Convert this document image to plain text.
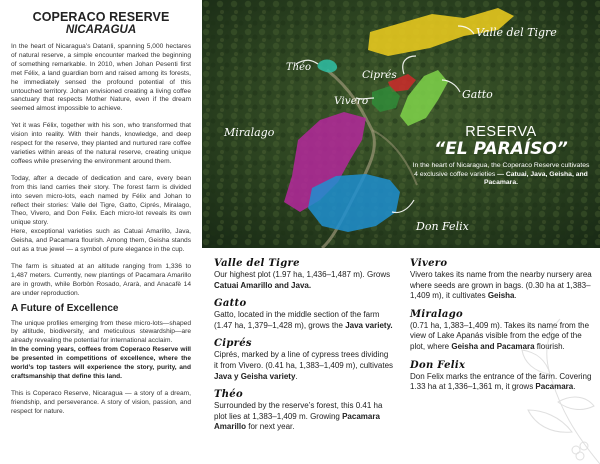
COPERACO RESERVE
NICARAGUA

In the heart of Nicaragua’s Datanli, spanning 5,000 hectares of natural reserve, a simple encounter marked the beginning of something remarkable. In 2010, when Johan Pesenti first met Félix, a land guardian born and raised among its forests, he immediately sensed the profound potential of this untouched territory. Johan envisioned creating a living coffee sanctuary that respects Mother Nature, even if the dream seemed almost impossible to achieve.

Yet it was Félix, together with his son, who transformed that vision into reality. With their hands, knowledge, and deep respect for the reserve, they planted and nurtured rare coffee varieties within areas of the natural reserve, creating unique coffees while preserving the environment around them.

Today, after a decade of dedication and care, every bean from this land carries their story. The forest farm is divided into seven micro-lots, each named by Félix and Johan to reflect their stories: Valle del Tigre, Gatto, Ciprés, Miralago, Theo, Vivero, and Don Felix. Each micro-lot reveals its own unique story.

Here, exceptional varieties such as Catuai Amarillo, Java, Geisha, and Pacamara flourish. Among them, Geisha stands out as a true jewel — a symbol of pure elegance in the cup.

The farm is situated at an altitude ranging from 1,336 to 1,487 meters. Currently, new plantings of Pacamara Amarillo are in growth, while Borbòn Rosado, Ararà, and Anacafè 14 are under reproduction.

A Future of Excellence

The unique profiles emerging from these micro-lots—shaped by altitude, biodiversity, and meticulous stewardship—are already revealing the potential for international acclaim.

In the coming years, coffees from Coperaco Reserve will be presented in competitions of excellence, where the world’s top tasters will experience the story, purity, and craftsmanship that define this land.

This is Coperaco Reserve, Nicaragua — a story of a dream, friendship, and perseverance. A story of vision, passion, and respect for nature.

Valle del Tigre
Théo
Ciprés
Vivero	Gatto
Miralago
Don Felix
RESERVA
“EL PARAÍSO”
In the heart of Nicaragua, the Coperaco Reserve cultivates 4 exclusive coffee varieties — Catuai, Java, Geisha, and Pacamara.
Valle del Tigre
Our highest plot (1.97 ha, 1,436–1,487 m). Grows Catuai Amarillo and Java.
Gatto
Gatto, located in the middle section of the farm (1.47 ha, 1,379–1,428 m), grows the Java variety.
Ciprés
Ciprés, marked by a line of cypress trees dividing it from Vivero. (0.41 ha, 1,383–1,409 m), cultivates Java y Geisha variety.
Théo
Surrounded by the reserve’s forest, this 0.41 ha plot lies at 1,383–1,409 m. Growing Pacamara Amarillo for next year.
Vivero
Vivero takes its name from the nearby nursery area where seeds are grown in bags. (0.30 ha at 1,383–1,409 m), it cultivates Geisha.
Miralago
(0.71 ha, 1,383–1,409 m). Takes its name from the view of Lake Apanás visible from the edge of the plot, where Geisha and Pacamara flourish.
Don Felix
Don Felix marks the entrance of the farm. Covering 1.33 ha at 1,336–1,361 m, it grows Pacamara.
